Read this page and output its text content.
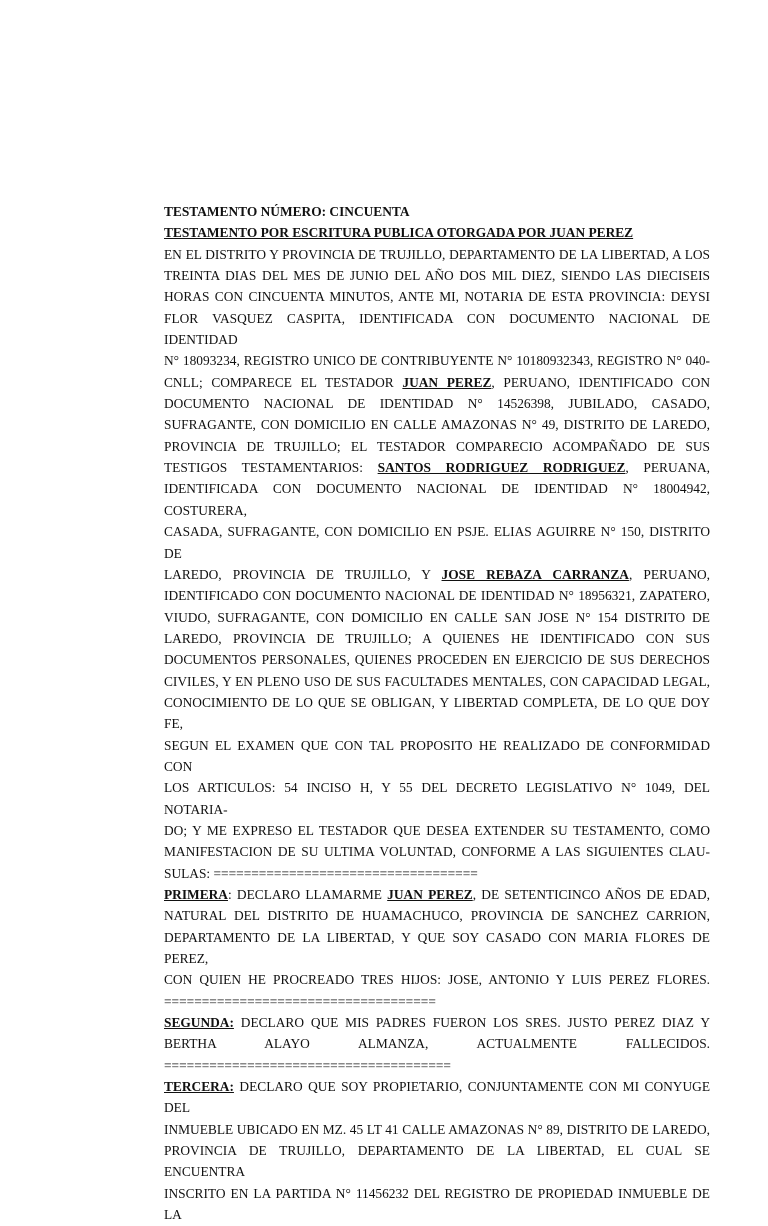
TESTAMENTO NÚMERO: CINCUENTA
TESTAMENTO POR ESCRITURA PUBLICA OTORGADA POR JUAN PEREZ
EN EL DISTRITO Y PROVINCIA DE TRUJILLO, DEPARTAMENTO DE LA LIBERTAD, A LOS
TREINTA DIAS DEL MES DE JUNIO DEL AÑO DOS MIL DIEZ, SIENDO LAS DIECISEIS
HORAS CON CINCUENTA MINUTOS, ANTE MI, NOTARIA DE ESTA PROVINCIA: DEYSI
FLOR VASQUEZ CASPITA, IDENTIFICADA CON DOCUMENTO NACIONAL DE IDENTIDAD
N° 18093234, REGISTRO UNICO DE CONTRIBUYENTE N° 10180932343, REGISTRO N° 040-
CNLL; COMPARECE EL TESTADOR JUAN PEREZ, PERUANO, IDENTIFICADO CON
DOCUMENTO NACIONAL DE IDENTIDAD N° 14526398, JUBILADO, CASADO,
SUFRAGANTE, CON DOMICILIO EN CALLE AMAZONAS N° 49, DISTRITO DE LAREDO,
PROVINCIA DE TRUJILLO; EL TESTADOR COMPARECIO ACOMPAÑADO DE SUS
TESTIGOS TESTAMENTARIOS: SANTOS RODRIGUEZ RODRIGUEZ, PERUANA,
IDENTIFICADA CON DOCUMENTO NACIONAL DE IDENTIDAD N° 18004942, COSTURERA,
CASADA, SUFRAGANTE, CON DOMICILIO EN PSJE. ELIAS AGUIRRE N° 150, DISTRITO DE
LAREDO, PROVINCIA DE TRUJILLO, Y JOSE REBAZA CARRANZA, PERUANO,
IDENTIFICADO CON DOCUMENTO NACIONAL DE IDENTIDAD N° 18956321, ZAPATERO,
VIUDO, SUFRAGANTE, CON DOMICILIO EN CALLE SAN JOSE N° 154 DISTRITO DE
LAREDO, PROVINCIA DE TRUJILLO; A QUIENES HE IDENTIFICADO CON SUS
DOCUMENTOS PERSONALES, QUIENES PROCEDEN EN EJERCICIO DE SUS DERECHOS
CIVILES, Y EN PLENO USO DE SUS FACULTADES MENTALES, CON CAPACIDAD LEGAL,
CONOCIMIENTO DE LO QUE SE OBLIGAN, Y LIBERTAD COMPLETA, DE LO QUE DOY FE,
SEGUN EL EXAMEN QUE CON TAL PROPOSITO HE REALIZADO DE CONFORMIDAD CON
LOS ARTICULOS: 54 INCISO H, Y 55 DEL DECRETO LEGISLATIVO N° 1049, DEL NOTARIA-
DO; Y ME EXPRESO EL TESTADOR QUE DESEA EXTENDER SU TESTAMENTO, COMO
MANIFESTACION DE SU ULTIMA VOLUNTAD, CONFORME A LAS SIGUIENTES CLAU-
SULAS: ===================================
PRIMERA: DECLARO LLAMARME JUAN PEREZ, DE SETENTICINCO AÑOS DE EDAD,
NATURAL DEL DISTRITO DE HUAMACHUCO, PROVINCIA DE SANCHEZ CARRION,
DEPARTAMENTO DE LA LIBERTAD, Y QUE SOY CASADO CON MARIA FLORES DE PEREZ,
CON QUIEN HE PROCREADO TRES HIJOS: JOSE, ANTONIO Y LUIS PEREZ FLORES.
====================================
SEGUNDA: DECLARO QUE MIS PADRES FUERON LOS SRES. JUSTO PEREZ DIAZ Y
BERTHA ALAYO ALMANZA, ACTUALMENTE FALLECIDOS.
======================================
TERCERA: DECLARO QUE SOY PROPIETARIO, CONJUNTAMENTE CON MI CONYUGE DEL
INMUEBLE UBICADO EN MZ. 45 LT 41 CALLE AMAZONAS N° 89, DISTRITO DE LAREDO,
PROVINCIA DE TRUJILLO, DEPARTAMENTO DE LA LIBERTAD, EL CUAL SE ENCUENTRA
INSCRITO EN LA PARTIDA N° 11456232 DEL REGISTRO DE PROPIEDAD INMUEBLE DE LA
